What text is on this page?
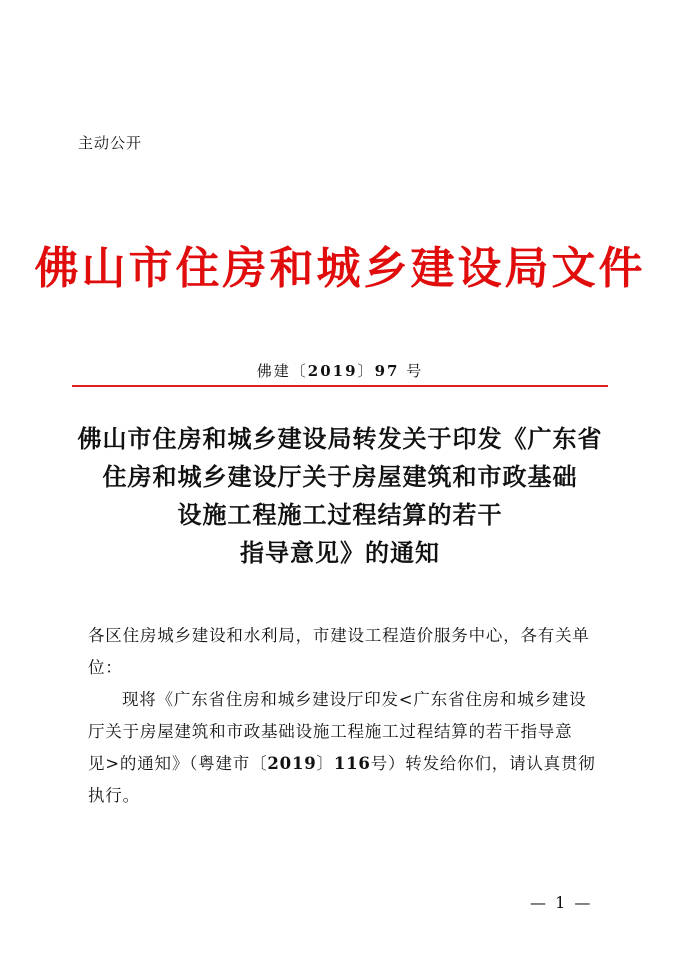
主动公开
佛山市住房和城乡建设局文件
佛建〔2019〕97 号
佛山市住房和城乡建设局转发关于印发《广东省
住房和城乡建设厅关于房屋建筑和市政基础
设施工程施工过程结算的若干
指导意见》的通知

各区住房城乡建设和水利局，市建设工程造价服务中心，各有关单

位：

现将《广东省住房和城乡建设厅印发<广东省住房和城乡建设

厅关于房屋建筑和市政基础设施工程施工过程结算的若干指导意

见>的通知》（粤建市〔2019〕116号）转发给你们，请认真贯彻

执行。

— 1 —
